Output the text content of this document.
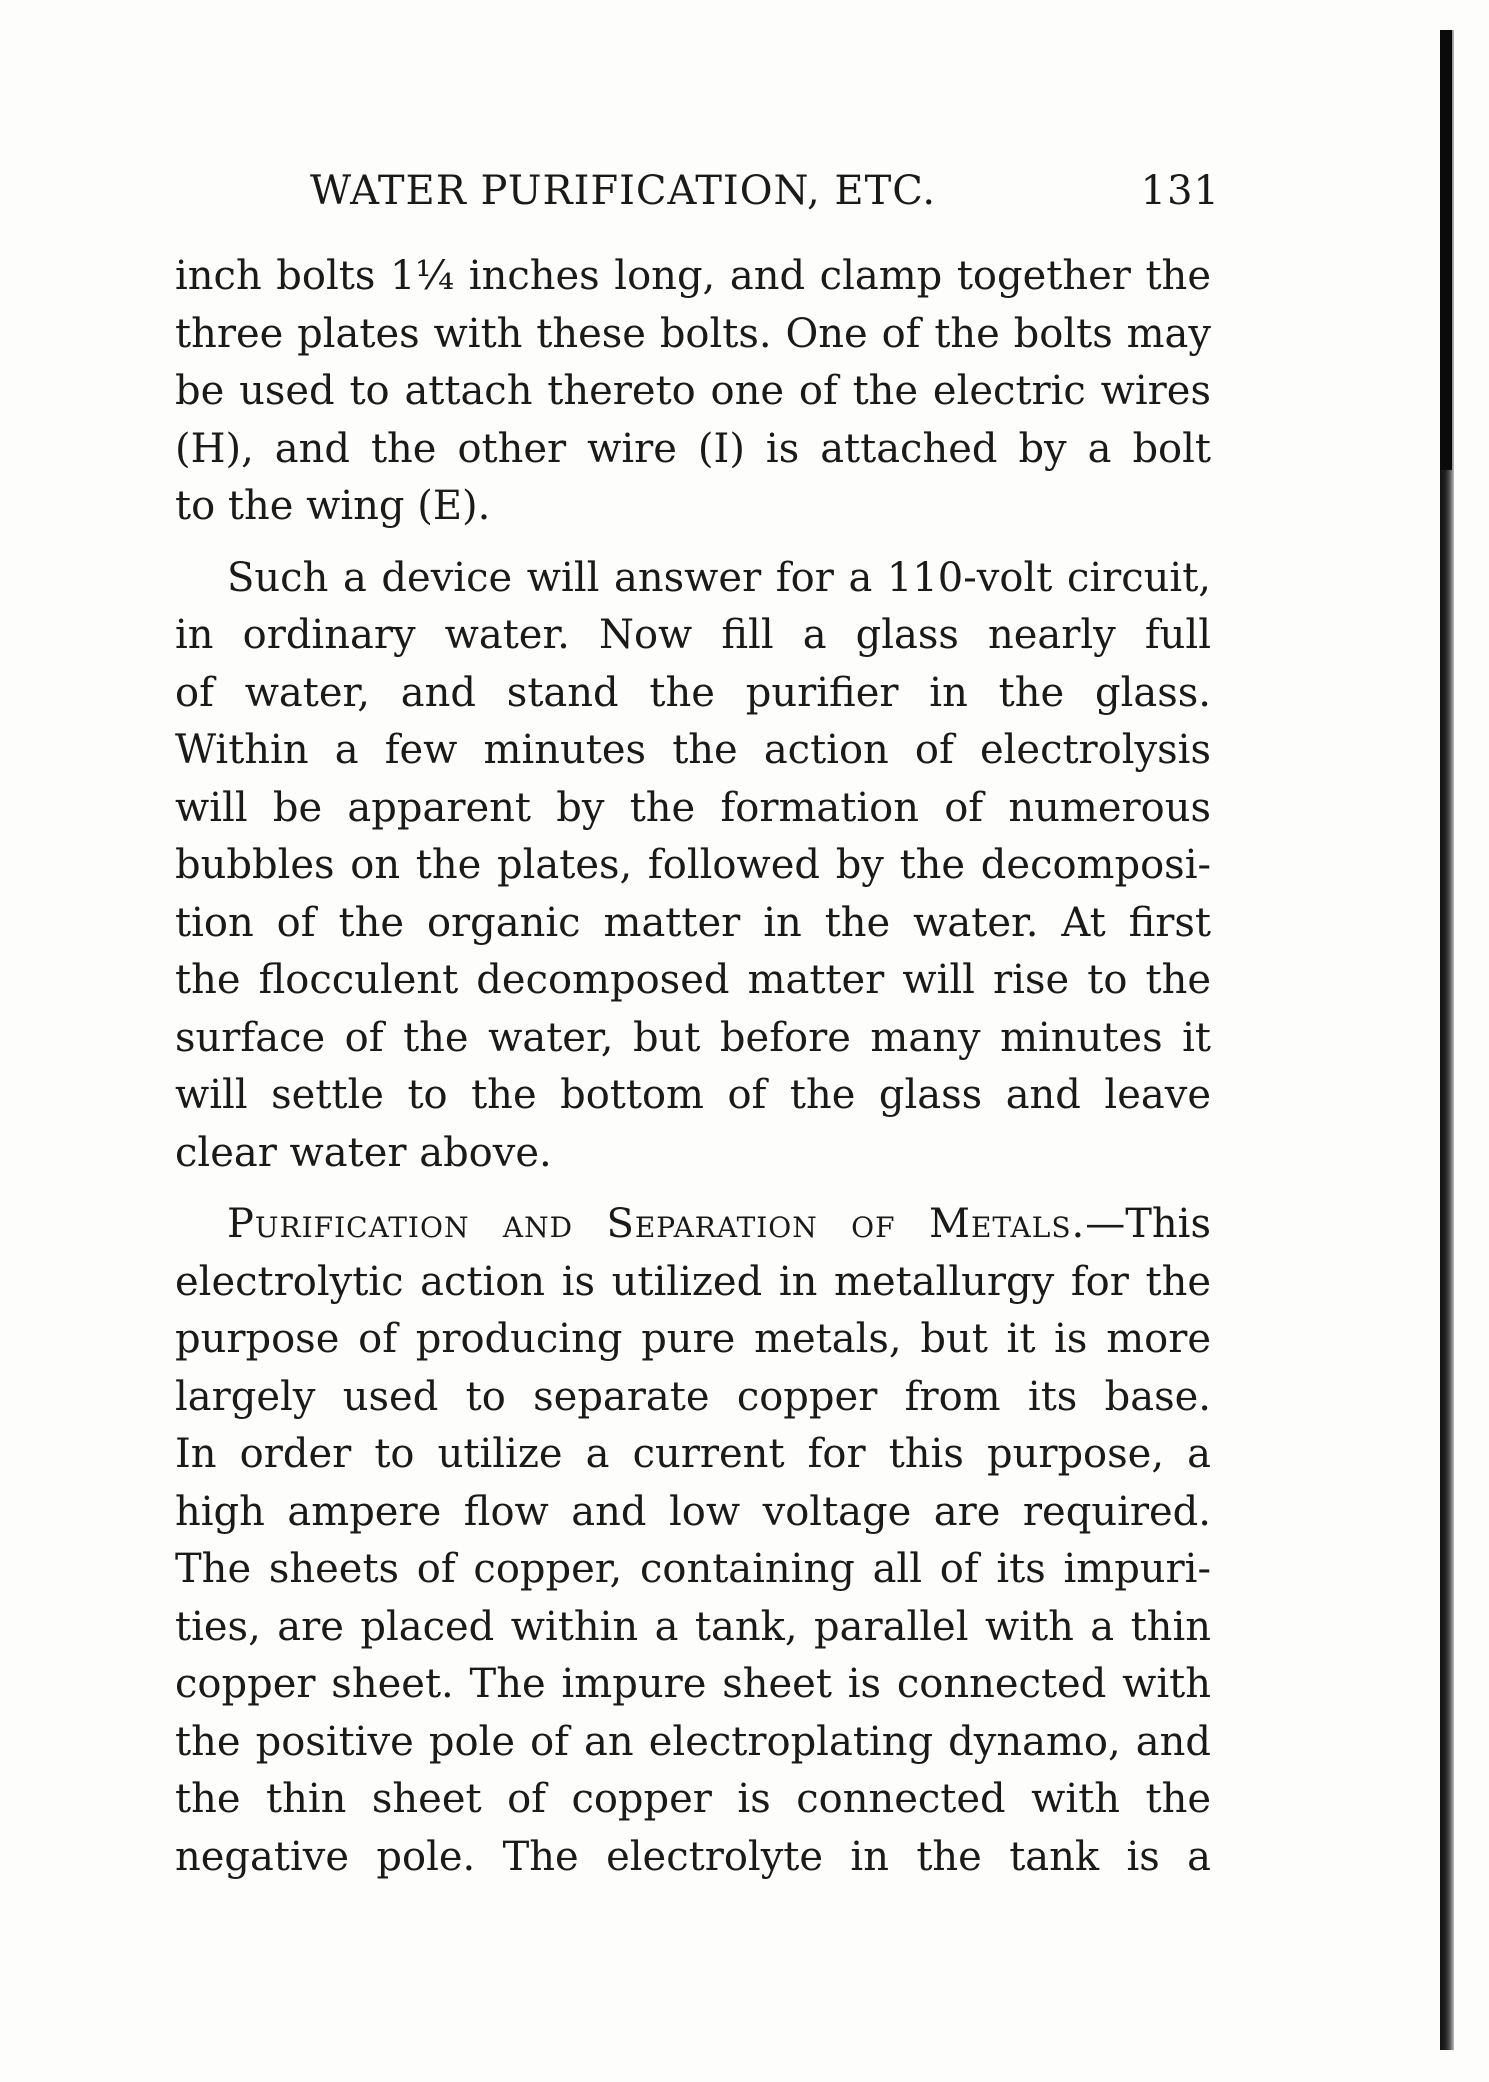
WATER PURIFICATION, ETC.	131

inch bolts 1¼ inches long, and clamp together the
three plates with these bolts. One of the bolts may
be used to attach thereto one of the electric wires
(H), and the other wire (I) is attached by a bolt
to the wing (E).

Such a device will answer for a 110-volt circuit,
in ordinary water. Now fill a glass nearly full
of water, and stand the purifier in the glass.
Within a few minutes the action of electrolysis
will be apparent by the formation of numerous
bubbles on the plates, followed by the decomposi-
tion of the organic matter in the water. At first
the flocculent decomposed matter will rise to the
surface of the water, but before many minutes it
will settle to the bottom of the glass and leave
clear water above.

Purification and Separation of Metals.—This
electrolytic action is utilized in metallurgy for the
purpose of producing pure metals, but it is more
largely used to separate copper from its base.
In order to utilize a current for this purpose, a
high ampere flow and low voltage are required.
The sheets of copper, containing all of its impuri-
ties, are placed within a tank, parallel with a thin
copper sheet. The impure sheet is connected with
the positive pole of an electroplating dynamo, and
the thin sheet of copper is connected with the
negative pole. The electrolyte in the tank is a
